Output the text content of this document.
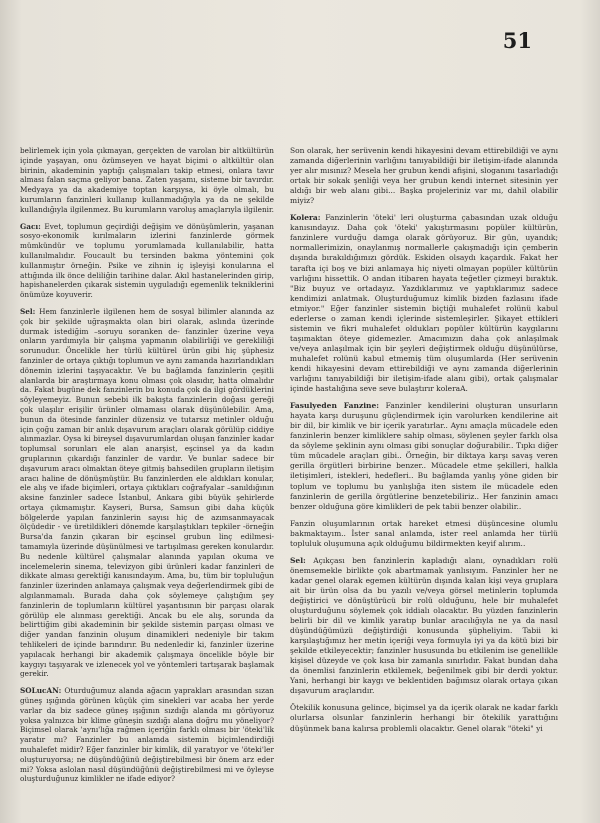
51

belirlemek için yola çıkmayan, gerçekten de varolan bir altkültürün içinde yaşayan, onu özümseyen ve hayat biçimi o altkültür olan birinin, akademinin yaptığı çalışmaları takip etmesi, onlara tavır alması falan saçma geliyor bana. Zaten yaşamı, sisteme bir tavırdır. Medyaya ya da akademiye toptan karşıysa, ki öyle olmalı, bu kurumların fanzinleri kullanıp kullanmadığıyla ya da ne şekilde kullandığıyla ilgilenmez. Bu kurumların varoluş amaçlarıyla ilgilenir.

Gacı: Evet, toplumun geçirdiği değişim ve dönüşümlerin, yaşanan sosyo-ekonomik kırılmaların izlerini fanzinlerde görmek mümkündür ve toplumu yorumlamada kullanılabilir, hatta kullanılmalıdır. Foucault bu tersinden bakma yöntemini çok kullanmıştır örneğin. Psike ve zihnin iç işleyişi konularına el attığında ilk önce deliliğin tarihine dalar. Akıl hastanelerinden girip, hapishanelerden çıkarak sistemin uyguladığı egemenlik tekniklerini önümüze koyuverir.

Sel: Hem fanzinlerle ilgilenen hem de sosyal bilimler alanında az çok bir şekilde uğraşmakta olan biri olarak, aslında üzerinde durmak istediğim –soruyu soranken de- fanzinler üzerine veya onların yardımıyla bir çalışma yapmanın olabilirliği ve gerekliliği sorunudur. Öncelikle her türlü kültürel ürün gibi hiç şüphesiz fanzinler de ortaya çıktığı toplumun ve aynı zamanda hazırlandıkları dönemin izlerini taşıyacaktır. Ve bu bağlamda fanzinlerin çeşitli alanlarda bir araştırmaya konu olması çok olasıdır, hatta olmalıdır da. Fakat bugüne dek fanzinlerin bu konuda çok da ilgi gördüklerini söyleyemeyiz. Bunun sebebi ilk bakışta fanzinlerin doğası gereği çok ulaşılır erişilir ürünler olmaması olarak düşünülebilir. Ama, bunun da ötesinde fanzinler düzensiz ve tutarsız metinler olduğu için çoğu zaman bir anlık dışavurum araçları olarak görülüp ciddiye alınmazlar. Oysa ki bireysel dışavurumlardan oluşan fanzinler kadar toplumsal sorunları ele alan anarşist, eşcinsel ya da kadın gruplarının çıkardığı fanzinler de vardır. Ve bunlar sadece bir dışavurum aracı olmaktan öteye gitmiş bahsedilen grupların iletişim aracı haline de dönüşmüştür. Bu fanzinlerden ele aldıkları konular, ele alış ve ifade biçimleri, ortaya çıktıkları coğrafyalar –sanıldığının aksine fanzinler sadece İstanbul, Ankara gibi büyük şehirlerde ortaya çıkmamıştır. Kayseri, Bursa, Samsun gibi daha küçük bölgelerde yapılan fanzinlerin sayısı hiç de azımsanmayacak ölçüdedir - ve üretildikleri dönemde karşılaştıkları tepkiler -örneğin Bursa'da fanzin çıkaran bir eşcinsel grubun linç edilmesi- tamamıyla üzerinde düşünülmesi ve tartışılması gereken konulardır. Bu nedenle kültürel çalışmalar alanında yapılan okuma ve incelemelerin sinema, televizyon gibi ürünleri kadar fanzinleri de dikkate alması gerektiği kanısındayım. Ama, bu, tüm bir topluluğun fanzinler üzerinden anlamaya çalışmak veya değerlendirmek gibi de algılanmamalı. Burada daha çok söylemeye çalıştığım şey fanzinlerin de toplumların kültürel yaşantısının bir parçası olarak görülüp ele alınması gerektiği. Ancak bu ele alış, sorunda da belirttiğim gibi akademinin bir şekilde sistemin parçası olması ve diğer yandan fanzinin oluşum dinamikleri nedeniyle bir takım tehlikeleri de içinde barındırır. Bu nedenledir ki, fanzinler üzerine yapılacak herhangi bir akademik çalışmaya öncelikle böyle bir kaygıyı taşıyarak ve izlenecek yol ve yöntemleri tartışarak başlamak gerekir.

SOLucAN: Oturduğumuz alanda ağacın yaprakları arasından sızan güneş ışığında görünen küçük çim sinekleri var acaba her yerde varlar da biz sadece güneş ışığının sızdığı alanda mı görüyoruz yoksa yalnızca bir klime güneşin sızdığı alana doğru mu yöneliyor? Biçimsel olarak 'aynı'lığa rağmen içeriğin farklı olması bir 'öteki'lik yaratır mı? Fanzinler bu anlamda sistemin biçimlendirdiği muhalefet midir? Eğer fanzinler bir kimlik, dil yaratıyor ve 'öteki'ler oluşturuyorsa; ne düşündüğünü değiştirebilmesi bir önem arz eder mi? Yoksa aslolan nasıl düşündüğünü değiştirebilmesi mi ve öyleyse oluşturduğunuz kimlikler ne ifade ediyor?

Son olarak, her serüvenin kendi hikayesini devam ettirebildiği ve aynı zamanda diğerlerinin varlığını tanıyabildiği bir iletişim-ifade alanında yer alır mısınız? Mesela her grubun kendi afişini, sloganını tasarladığı ortak bir sokak şenliği veya her grubun kendi internet sitesinin yer aldığı bir web alanı gibi... Başka projeleriniz var mı, dahil olabilir miyiz?

Kolera: Fanzinlerin 'öteki' leri oluşturma çabasından uzak olduğu kanısındayız. Daha çok 'öteki' yakıştırmasını popüler kültürün, fanzinlere vurduğu damga olarak görüyoruz. Bir gün, uyandık; normallerimizin, onaylanmış normallerle çakışmadığı için çemberin dışında bırakıldığımızı gördük. Eskiden olsaydı kaçardık. Fakat her tarafta içi boş ve bizi anlamaya hiç niyeti olmayan popüler kültürün varlığını hissettik. O andan itibaren hayata teğetler çizmeyi bıraktık. "Biz buyuz ve ortadayız. Yazdıklarımız ve yaptıklarımız sadece kendimizi anlatmak. Oluşturduğumuz kimlik bizden fazlasını ifade etmiyor." Eğer fanzinler sistemin biçtiği muhalefet rolünü kabul ederlerse o zaman kendi içlerinde sistemleşirler. Şikayet ettikleri sistemin ve fikri muhalefet oldukları popüler kültürün kaygılarını taşımaktan öteye gidemezler. Amacımızın daha çok anlaşılmak ve/veya anlaşılmak için bir şeyleri değiştirmek olduğu düşünülürse, muhalefet rolünü kabul etmemiş tüm oluşumlarda (Her serüvenin kendi hikayesini devam ettirebildiği ve aynı zamanda diğerlerinin varlığını tanıyabildiği bir iletişim-ifade alanı gibi), ortak çalışmalar içinde hastalığına seve seve bulaştırır koleraA.

Fasulyeden Fanzine: Fanzinler kendilerini oluşturan unsurların hayata karşı duruşunu güçlendirmek için varolurken kendilerine ait bir dil, bir kimlik ve bir içerik yaratırlar.. Aynı amaçla mücadele eden fanzinlerin benzer kimliklere sahip olması, söylenen şeyler farklı olsa da söyleme şeklinin aynı olması gibi sonuçlar doğurabilir.. Tıpkı diğer tüm mücadele araçları gibi.. Örneğin, bir diktaya karşı savaş veren gerilla örgütleri birbirine benzer.. Mücadele etme şekilleri, halkla iletişimleri, istekleri, hedefleri.. Bu bağlamda yanlış yöne giden bir toplum ve toplumu bu yanlışlığa iten sistem ile mücadele eden fanzinlerin de gerilla örgütlerine benzetebiliriz.. Her fanzinin amacı benzer olduğuna göre kimlikleri de pek tabii benzer olabilir..

Fanzin oluşumlarının ortak hareket etmesi düşüncesine olumlu bakmaktayım.. İster sanal anlamda, ister reel anlamda her türlü topluluk oluşumuna açık olduğumu bildirmekten keyif alırım..

Sel: Açıkçası ben fanzinlerin kapladığı alanı, oynadıkları rolü önemsemekle birlikte çok abartmamak yanlısıyım. Fanzinler her ne kadar genel olarak egemen kültürün dışında kalan kişi veya gruplara ait bir ürün olsa da bu yazılı ve/veya görsel metinlerin toplumda değiştirici ve dönüştürücü bir rolü olduğunu, hele bir muhalefet oluşturduğunu söylemek çok iddialı olacaktır. Bu yüzden fanzinlerin belirli bir dil ve kimlik yaratıp bunlar aracılığıyla ne ya da nasıl düşündüğümüzü değiştirdiği konusunda şüpheliyim. Tabii ki karşılaştığımız her metin içeriği veya formuyla iyi ya da kötü bizi bir şekilde etkileyecektir; fanzinler hususunda bu etkilenim ise genellikle kişisel düzeyde ve çok kısa bir zamanla sınırlıdır. Fakat bundan daha da önemlisi fanzinlerin etkilemek, beğenilmek gibi bir derdi yoktur. Yani, herhangi bir kaygı ve beklentiden bağımsız olarak ortaya çıkan dışavurum araçlarıdır.

Ötekilik konusuna gelince, biçimsel ya da içerik olarak ne kadar farklı olurlarsa olsunlar fanzinlerin herhangi bir ötekilik yarattığını düşünmek bana kalırsa problemli olacaktır. Genel olarak "öteki" yi
